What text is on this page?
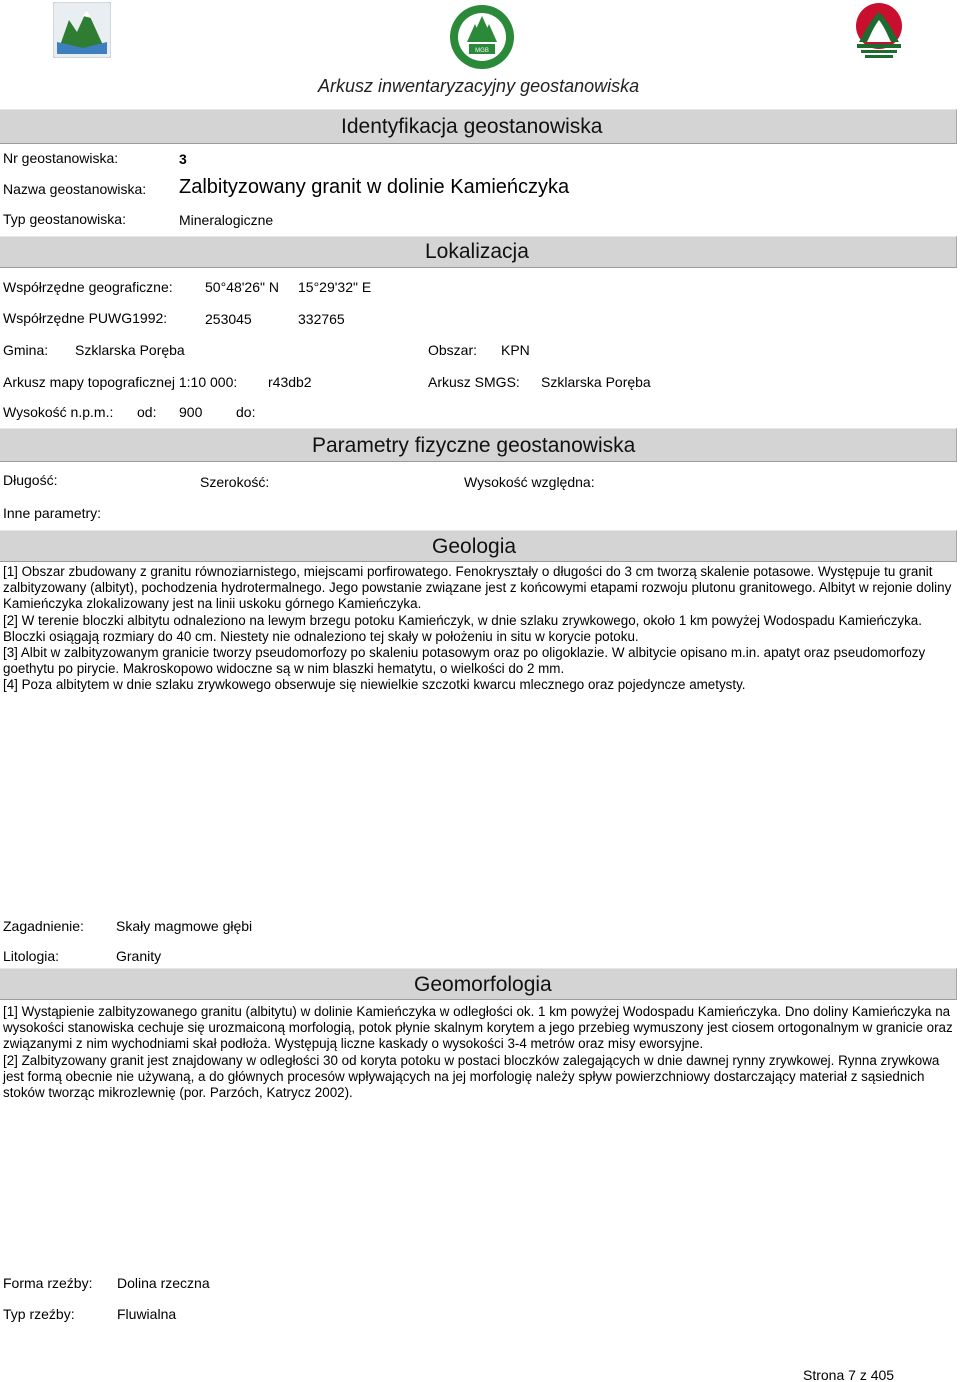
MGB
Arkusz inwentaryzacyjny geostanowiska
Identyfikacja geostanowiska
Nr geostanowiska:	3
Nazwa geostanowiska: Zalbityzowany granit w dolinie Kamieńczyka
Typ geostanowiska:	Mineralogiczne
Lokalizacja
Współrzędne geograficzne: 50°48'26" N 15°29'32" E
Współrzędne PUWG1992:	253045	332765
Gmina: Szklarska Poręba	Obszar: KPN
Arkusz mapy topograficznej 1:10 000: r43db2	Arkusz SMGS: Szklarska Poręba
Wysokość n.p.m.: od: 900 do:
Parametry fizyczne geostanowiska
Długość:	Szerokość:	Wysokość względna:
Inne parametry:
Geologia

[1] Obszar zbudowany z granitu równoziarnistego, miejscami porfirowatego. Fenokryształy o długości do 3 cm tworzą skalenie potasowe. Występuje tu granit zalbityzowany (albityt), pochodzenia hydrotermalnego. Jego powstanie związane jest z końcowymi etapami rozwoju plutonu granitowego. Albityt w rejonie doliny Kamieńczyka zlokalizowany jest na linii uskoku górnego Kamieńczyka.

[2] W terenie bloczki albitytu odnaleziono na lewym brzegu potoku Kamieńczyk, w dnie szlaku zrywkowego, około 1 km powyżej Wodospadu Kamieńczyka. Bloczki osiągają rozmiary do 40 cm. Niestety nie odnaleziono tej skały w położeniu in situ w korycie potoku.

[3] Albit w zalbityzowanym granicie tworzy pseudomorfozy po skaleniu potasowym oraz po oligoklazie. W albitycie opisano m.in. apatyt oraz pseudomorfozy goethytu po pirycie. Makroskopowo widoczne są w nim blaszki hematytu, o wielkości do 2 mm.

[4] Poza albitytem w dnie szlaku zrywkowego obserwuje się niewielkie szczotki kwarcu mlecznego oraz pojedyncze ametysty.

Zagadnienie: Skały magmowe głębi
Litologia:	Granity
Geomorfologia

[1] Wystąpienie zalbityzowanego granitu (albitytu) w dolinie Kamieńczyka w odległości ok. 1 km powyżej Wodospadu Kamieńczyka. Dno doliny Kamieńczyka na wysokości stanowiska cechuje się urozmaiconą morfologią, potok płynie skalnym korytem a jego przebieg wymuszony jest ciosem ortogonalnym w granicie oraz związanymi z nim wychodniami skał podłoża. Występują liczne kaskady o wysokości 3-4 metrów oraz misy eworsyjne.

[2] Zalbityzowany granit jest znajdowany w odległości 30 od koryta potoku w postaci bloczków zalegających w dnie dawnej rynny zrywkowej. Rynna zrywkowa jest formą obecnie nie używaną, a do głównych procesów wpływających na jej morfologię należy spływ powierzchniowy dostarczający materiał z sąsiednich stoków tworząc mikrozlewnię (por. Parzóch, Katrycz 2002).

Forma rzeźby: Dolina rzeczna
Typ rzeźby:	Fluwialna
Strona 7 z 405
